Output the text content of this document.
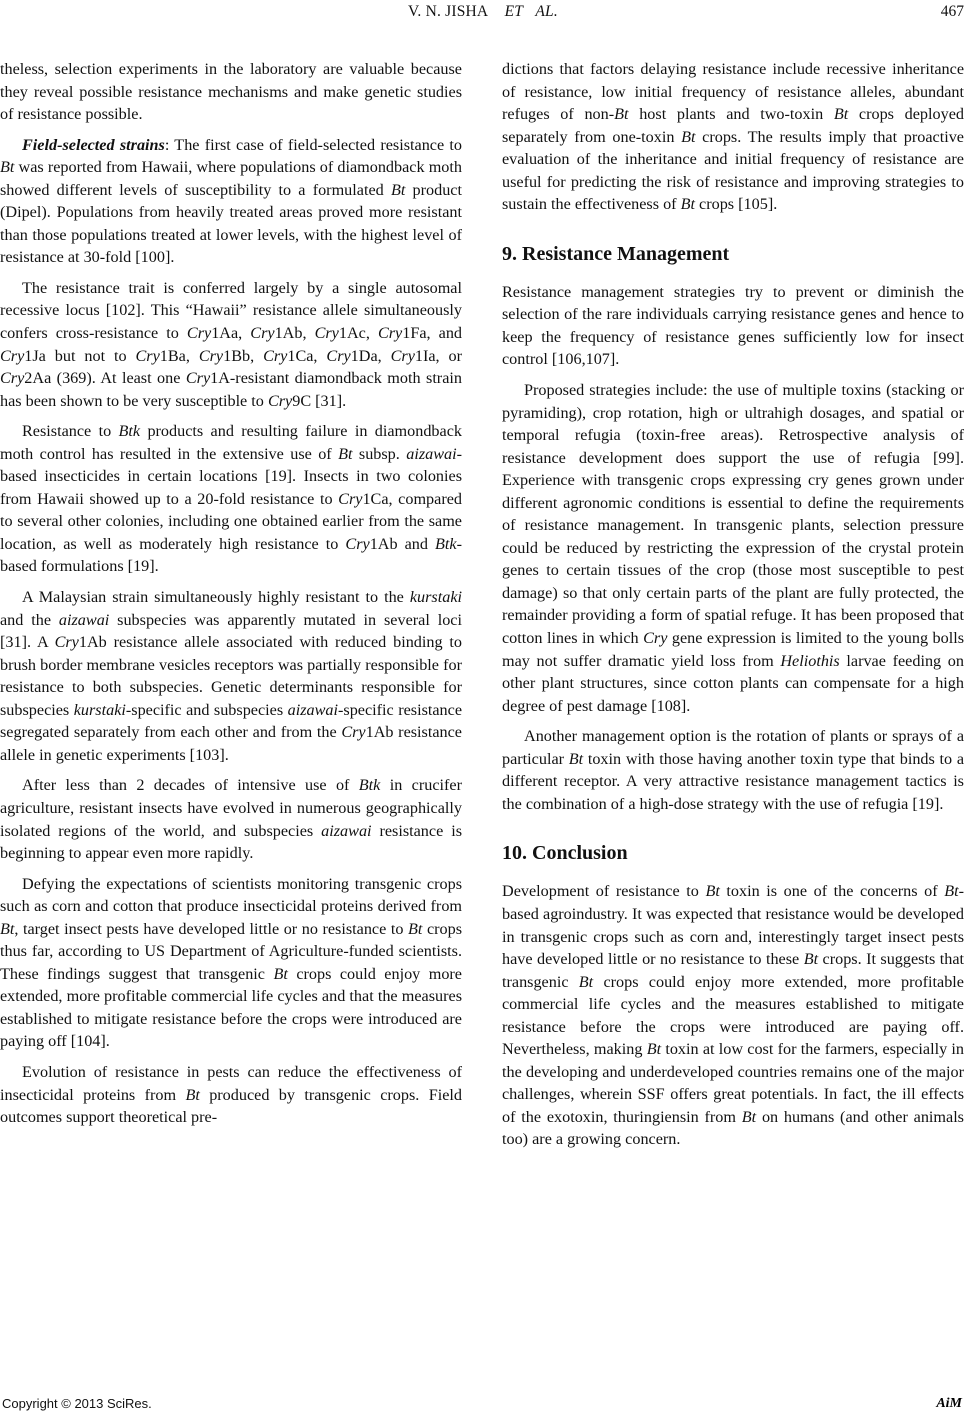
V. N. JISHA ET AL.	467

theless, selection experiments in the laboratory are valuable because they reveal possible resistance mechanisms and make genetic studies of resistance possible.

Field-selected strains: The first case of field-selected resistance to Bt was reported from Hawaii, where populations of diamondback moth showed different levels of susceptibility to a formulated Bt product (Dipel). Populations from heavily treated areas proved more resistant than those populations treated at lower levels, with the highest level of resistance at 30-fold [100].

The resistance trait is conferred largely by a single autosomal recessive locus [102]. This “Hawaii” resistance allele simultaneously confers cross-resistance to Cry1Aa, Cry1Ab, Cry1Ac, Cry1Fa, and Cry1Ja but not to Cry1Ba, Cry1Bb, Cry1Ca, Cry1Da, Cry1Ia, or Cry2Aa (369). At least one Cry1A-resistant diamondback moth strain has been shown to be very susceptible to Cry9C [31].

Resistance to Btk products and resulting failure in diamondback moth control has resulted in the extensive use of Bt subsp. aizawai-based insecticides in certain locations [19]. Insects in two colonies from Hawaii showed up to a 20-fold resistance to Cry1Ca, compared to several other colonies, including one obtained earlier from the same location, as well as moderately high resistance to Cry1Ab and Btk-based formulations [19].

A Malaysian strain simultaneously highly resistant to the kurstaki and the aizawai subspecies was apparently mutated in several loci [31]. A Cry1Ab resistance allele associated with reduced binding to brush border membrane vesicles receptors was partially responsible for resistance to both subspecies. Genetic determinants responsible for subspecies kurstaki-specific and subspecies aizawai-specific resistance segregated separately from each other and from the Cry1Ab resistance allele in genetic experiments [103].

After less than 2 decades of intensive use of Btk in crucifer agriculture, resistant insects have evolved in numerous geographically isolated regions of the world, and subspecies aizawai resistance is beginning to appear even more rapidly.

Defying the expectations of scientists monitoring transgenic crops such as corn and cotton that produce insecticidal proteins derived from Bt, target insect pests have developed little or no resistance to Bt crops thus far, according to US Department of Agriculture-funded scientists. These findings suggest that transgenic Bt crops could enjoy more extended, more profitable commercial life cycles and that the measures established to mitigate resistance before the crops were introduced are paying off [104].

Evolution of resistance in pests can reduce the effectiveness of insecticidal proteins from Bt produced by transgenic crops. Field outcomes support theoretical pre-

dictions that factors delaying resistance include recessive inheritance of resistance, low initial frequency of resistance alleles, abundant refuges of non-Bt host plants and two-toxin Bt crops deployed separately from one-toxin Bt crops. The results imply that proactive evaluation of the inheritance and initial frequency of resistance are useful for predicting the risk of resistance and improving strategies to sustain the effectiveness of Bt crops [105].

9. Resistance Management

Resistance management strategies try to prevent or diminish the selection of the rare individuals carrying resistance genes and hence to keep the frequency of resistance genes sufficiently low for insect control [106,107].

Proposed strategies include: the use of multiple toxins (stacking or pyramiding), crop rotation, high or ultrahigh dosages, and spatial or temporal refugia (toxin-free areas). Retrospective analysis of resistance development does support the use of refugia [99]. Experience with transgenic crops expressing cry genes grown under different agronomic conditions is essential to define the requirements of resistance management. In transgenic plants, selection pressure could be reduced by restricting the expression of the crystal protein genes to certain tissues of the crop (those most susceptible to pest damage) so that only certain parts of the plant are fully protected, the remainder providing a form of spatial refuge. It has been proposed that cotton lines in which Cry gene expression is limited to the young bolls may not suffer dramatic yield loss from Heliothis larvae feeding on other plant structures, since cotton plants can compensate for a high degree of pest damage [108].

Another management option is the rotation of plants or sprays of a particular Bt toxin with those having another toxin type that binds to a different receptor. A very attractive resistance management tactics is the combination of a high-dose strategy with the use of refugia [19].

10. Conclusion

Development of resistance to Bt toxin is one of the concerns of Bt-based agroindustry. It was expected that resistance would be developed in transgenic crops such as corn and, interestingly target insect pests have developed little or no resistance to these Bt crops. It suggests that transgenic Bt crops could enjoy more extended, more profitable commercial life cycles and the measures established to mitigate resistance before the crops were introduced are paying off. Nevertheless, making Bt toxin at low cost for the farmers, especially in the developing and underdeveloped countries remains one of the major challenges, wherein SSF offers great potentials. In fact, the ill effects of the exotoxin, thuringiensin from Bt on humans (and other animals too) are a growing concern.

Copyright © 2013 SciRes.	AiM
